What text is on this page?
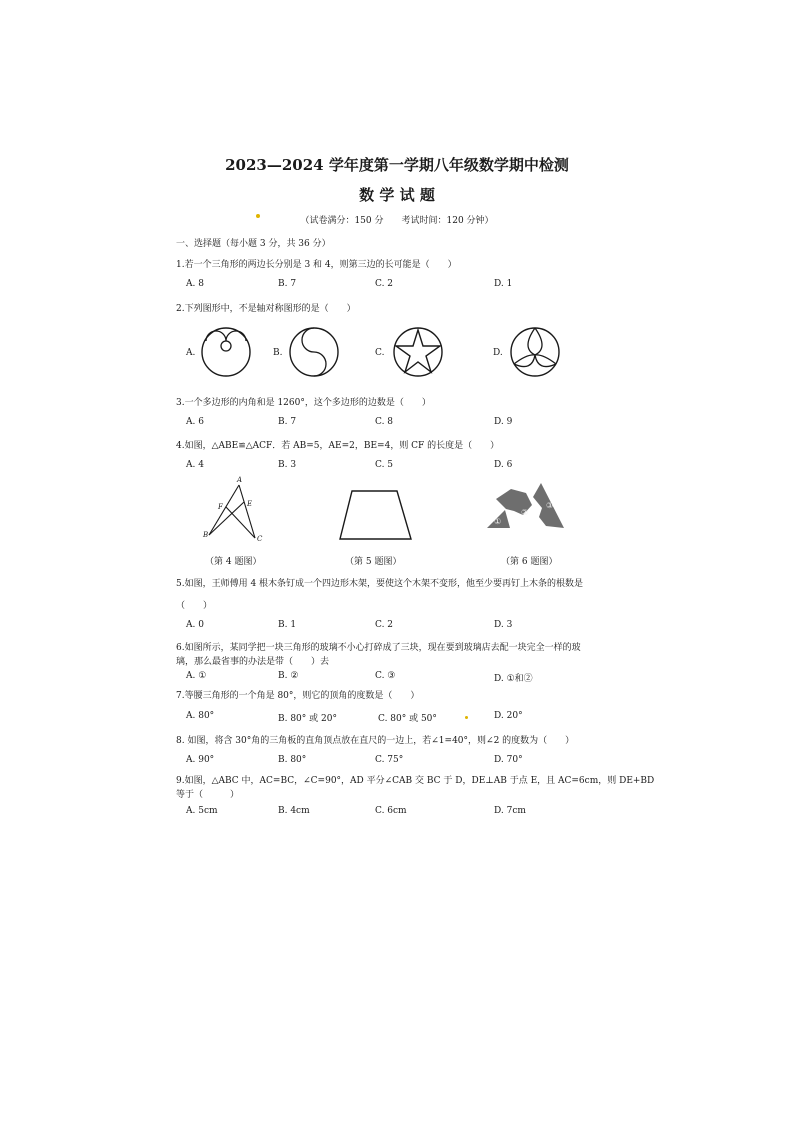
2023—2024 学年度第一学期八年级数学期中检测
数 学 试 题
（试卷满分：150 分　　考试时间：120 分钟）
一、选择题（每小题 3 分，共 36 分）
1.若一个三角形的两边长分别是 3 和 4，则第三边的长可能是（　　）
A. 8	B. 7	C. 2	D. 1
2.下列图形中，不是轴对称图形的是（　　）
A.	B.	C.	D.
3.一个多边形的内角和是 1260°，这个多边形的边数是（　　）
A. 6	B. 7	C. 8	D. 9
4.如图，△ABE≌△ACF．若 AB=5，AE=2，BE=4，则 CF 的长度是（　　）
A. 4	B. 3	C. 5	D. 6
A
B
E
F
C
①
②
③
（第 4 题图）	（第 5 题图）	（第 6 题图）
5.如图，王师傅用 4 根木条钉成一个四边形木架，要使这个木架不变形，他至少要再钉上木条的根数是
（　　）
A. 0	B. 1	C. 2	D. 3
6.如图所示，某同学把一块三角形的玻璃不小心打碎成了三块，现在要到玻璃店去配一块完全一样的玻
璃，那么最省事的办法是带（　　）去
A. ①	B. ②	C. ③	D. ①和②
7.等腰三角形的一个角是 80°，则它的顶角的度数是（　　）
A. 80°	B. 80° 或 20°	C. 80° 或 50°	D. 20°
8. 如图，将含 30°角的三角板的直角顶点放在直尺的一边上，若∠1=40°，则∠2 的度数为（　　）
A. 90°	B. 80°	C. 75°	D. 70°
9.如图，△ABC 中，AC=BC，∠C=90°，AD 平分∠CAB 交 BC 于 D，DE⊥AB 于点 E，且 AC=6cm，则 DE+BD
等于（　　　）
A. 5cm	B. 4cm	C. 6cm	D. 7cm
